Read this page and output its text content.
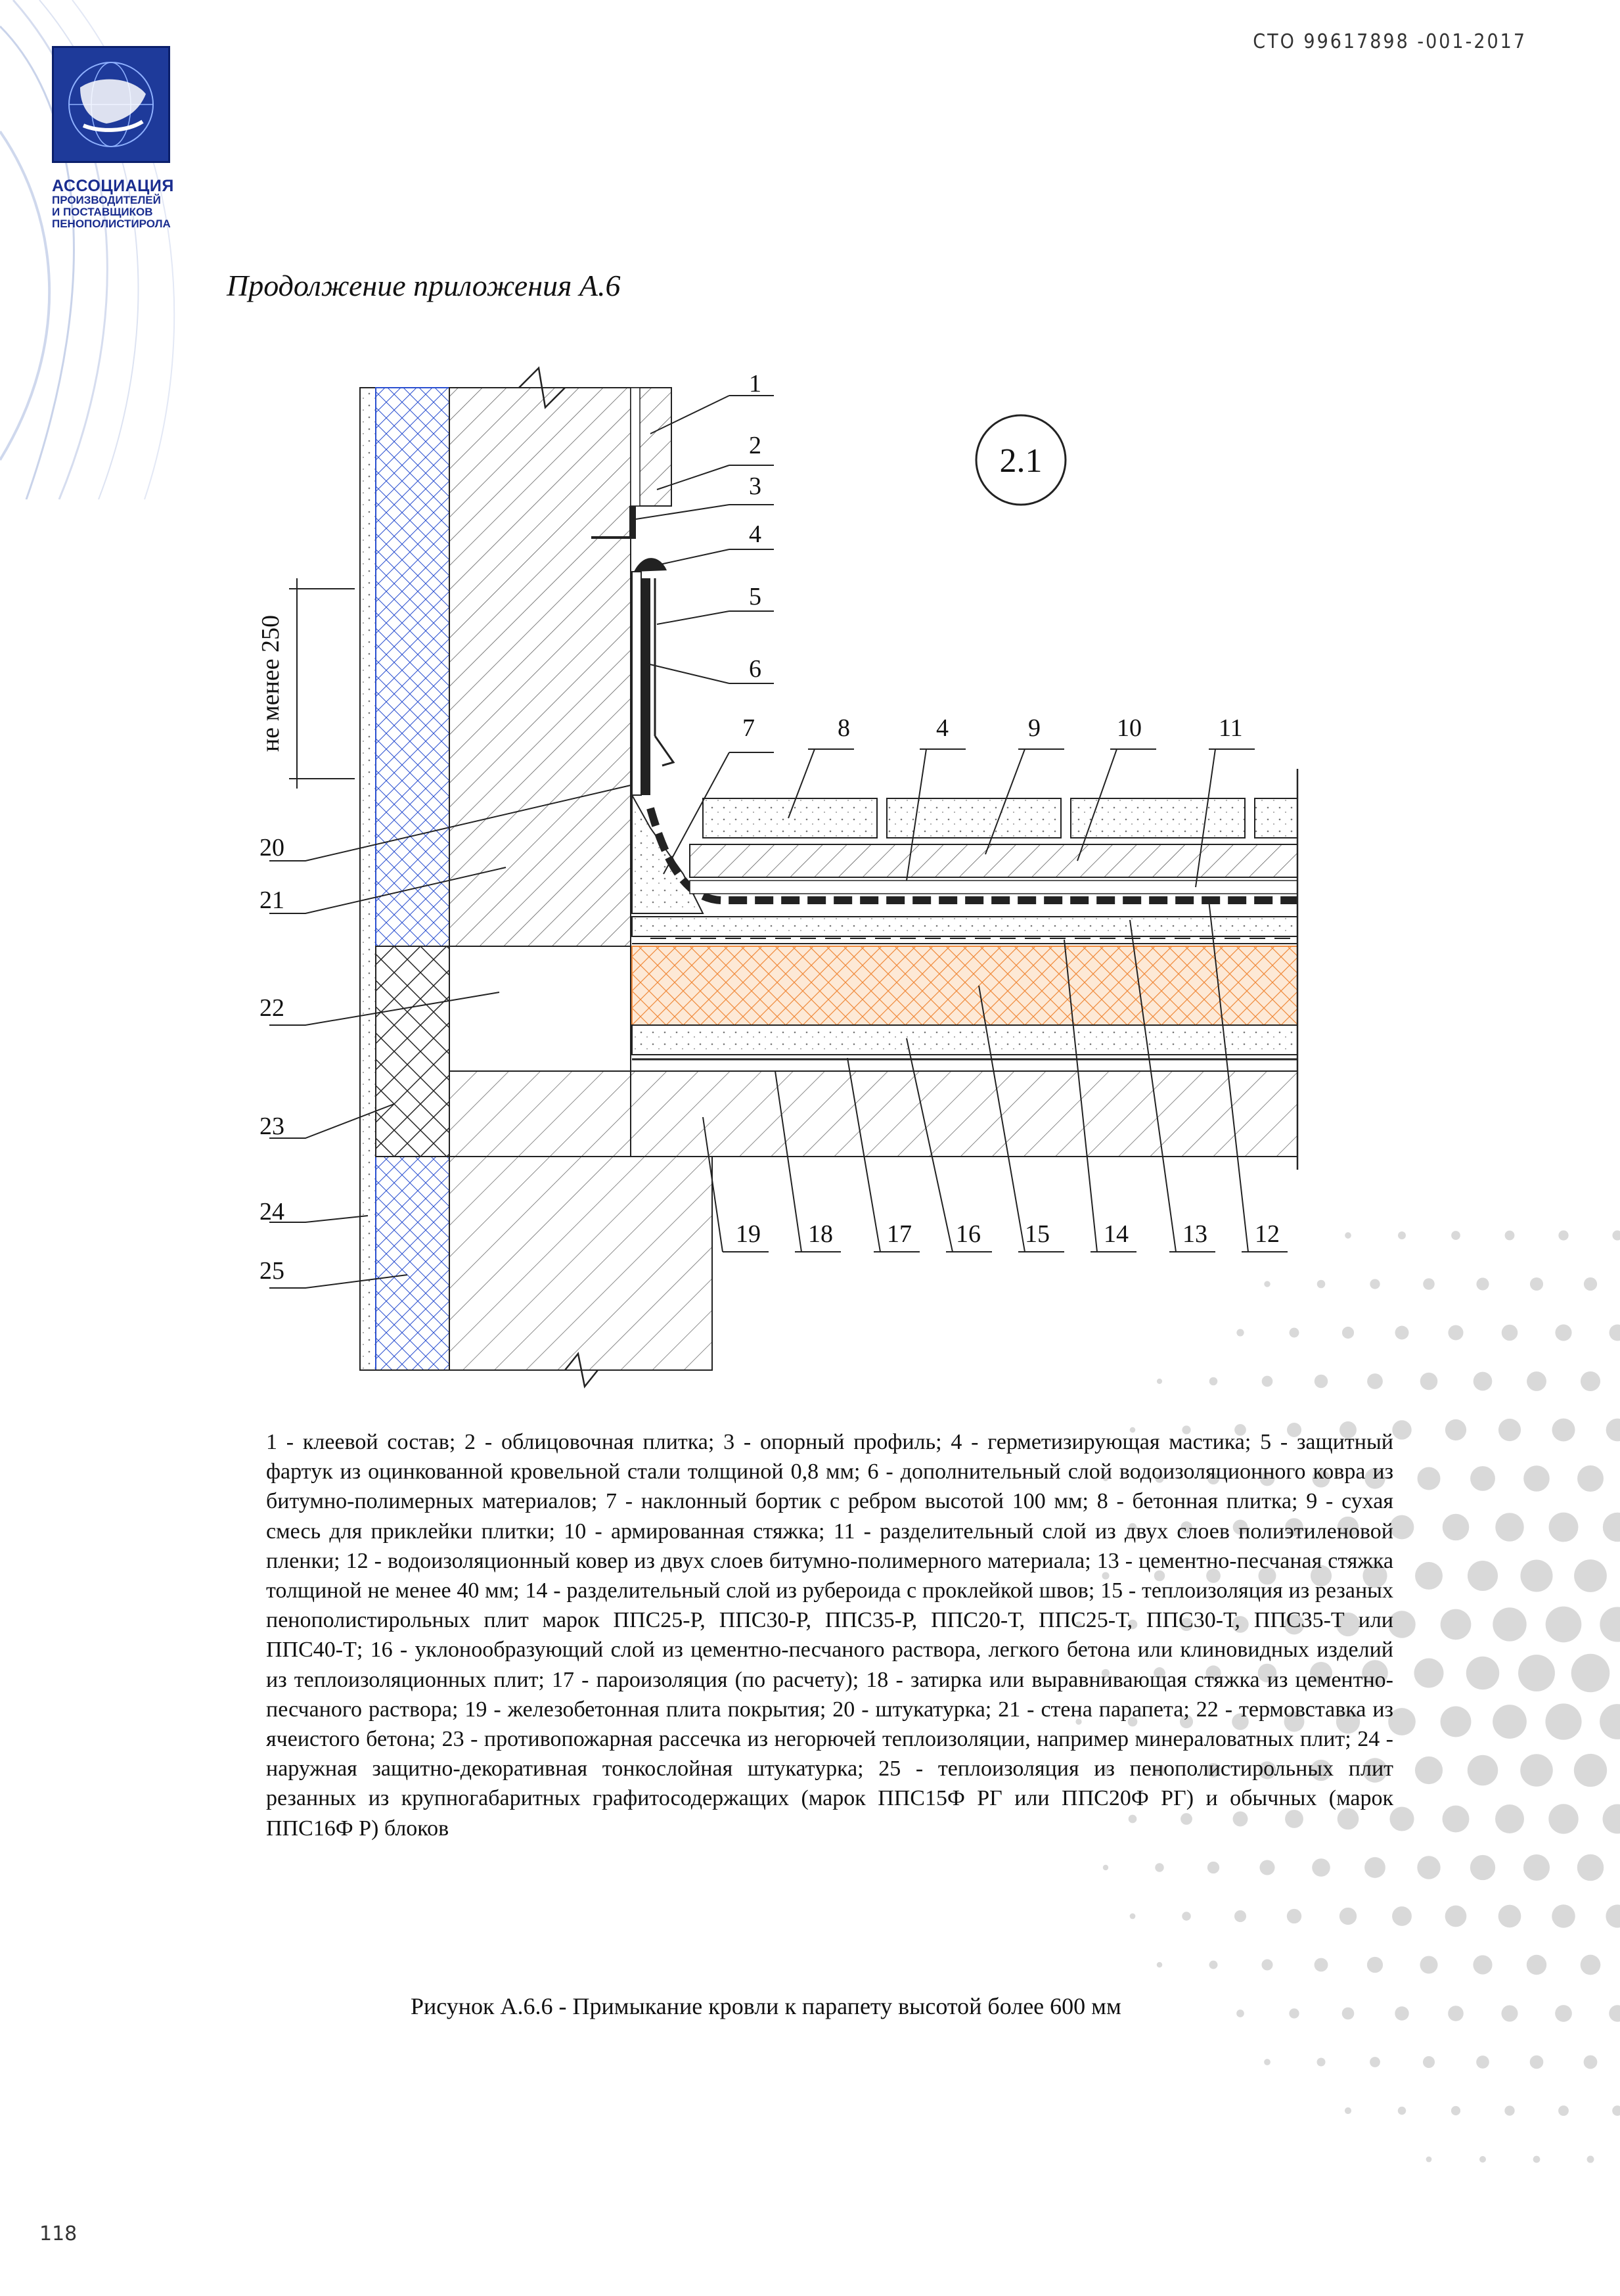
СТО 99617898 -001-2017
АССОЦИАЦИЯ
ПРОИЗВОДИТЕЛЕЙ
И ПОСТАВЩИКОВ
ПЕНОПОЛИСТИРОЛА
Продолжение приложения А.6
не менее 250
2.1
1
2
3
4
5
6
7	8	4	9	10	11
20
21
22
23
24
25
19 18 17 16 15 14 13 12
1 - клеевой состав; 2 - облицовочная плитка; 3 - опорный профиль; 4 - герметизирующая мастика; 5 - защитный фартук из оцинкованной кровельной стали толщиной 0,8 мм; 6 - дополнительный слой водоизоляционного ковра из битумно-полимерных материалов; 7 - наклонный бортик с ребром высотой 100 мм; 8 - бетонная плитка; 9 - сухая смесь для приклейки плитки; 10 - армированная стяжка; 11 - разделительный слой из двух слоев полиэтиленовой пленки; 12 - водоизоляционный ковер из двух слоев битумно-полимерного материала; 13 - цементно-песчаная стяжка толщиной не менее 40 мм; 14 - разделительный слой из рубероида с проклейкой швов; 15 - теплоизоляция из резаных пенополистирольных плит марок ППС25-Р, ППС30-Р, ППС35-Р, ППС20-Т, ППС25-Т, ППС30-Т, ППС35-Т или ППС40-Т; 16 - уклонообразующий слой из цементно-песчаного раствора, легкого бетона или клиновидных изделий из теплоизоляционных плит; 17 - пароизоляция (по расчету); 18 - затирка или выравнивающая стяжка из цементно-песчаного раствора; 19 - железобетонная плита покрытия; 20 - штукатурка; 21 - стена парапета; 22 - термовставка из ячеистого бетона; 23 - противопожарная рассечка из негорючей теплоизоляции, например минераловатных плит; 24 - наружная защитно-декоративная тонкослойная штукатурка; 25 - теплоизоляция из пенополистирольных плит резанных из крупногабаритных графитосодержащих (марок ППС15Ф РГ или ППС20Ф РГ) и обычных (марок ППС16Ф Р) блоков
Рисунок А.6.6 - Примыкание кровли к парапету высотой более 600 мм
118
